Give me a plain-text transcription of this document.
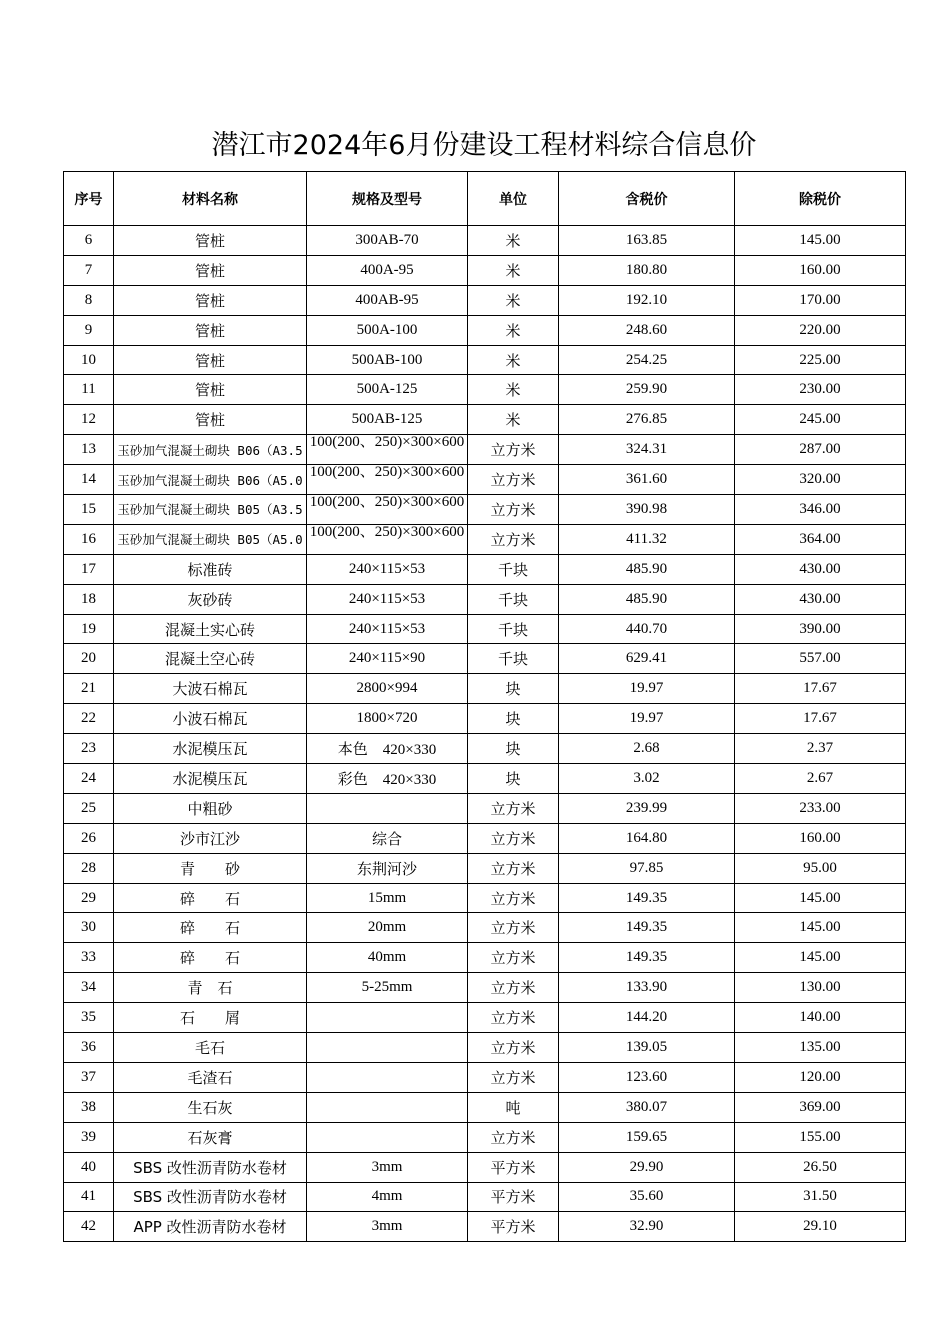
潜江市2024年6月份建设工程材料综合信息价
序号	材料名称	规格及型号	单位	含税价	除税价
6	管桩	300AB-70	米	163.85	145.00
7	管桩	400A-95	米	180.80	160.00
8	管桩	400AB-95	米	192.10	170.00
9	管桩	500A-100	米	248.60	220.00
10	管桩	500AB-100	米	254.25	225.00
11	管桩	500A-125	米	259.90	230.00
12	管桩	500AB-125	米	276.85	245.00
13	玉砂加气混凝土砌块 B06（A3.5	100(200、250)×300×600	立方米	324.31	287.00
14	玉砂加气混凝土砌块 B06（A5.0	100(200、250)×300×600	立方米	361.60	320.00
15	玉砂加气混凝土砌块 B05（A3.5	100(200、250)×300×600	立方米	390.98	346.00
16	玉砂加气混凝土砌块 B05（A5.0	100(200、250)×300×600	立方米	411.32	364.00
17	标准砖	240×115×53	千块	485.90	430.00
18	灰砂砖	240×115×53	千块	485.90	430.00
19	混凝土实心砖	240×115×53	千块	440.70	390.00
20	混凝土空心砖	240×115×90	千块	629.41	557.00
21	大波石棉瓦	2800×994	块	19.97	17.67
22	小波石棉瓦	1800×720	块	19.97	17.67
23	水泥模压瓦	本色　420×330	块	2.68	2.37
24	水泥模压瓦	彩色　420×330	块	3.02	2.67
25	中粗砂		立方米	239.99	233.00
26	沙市江沙	综合	立方米	164.80	160.00
28	青　　砂	东荆河沙	立方米	97.85	95.00
29	碎　　石	15mm	立方米	149.35	145.00
30	碎　　石	20mm	立方米	149.35	145.00
33	碎　　石	40mm	立方米	149.35	145.00
34	青　石	5-25mm	立方米	133.90	130.00
35	石　　屑		立方米	144.20	140.00
36	毛石		立方米	139.05	135.00
37	毛渣石		立方米	123.60	120.00
38	生石灰		吨	380.07	369.00
39	石灰膏		立方米	159.65	155.00
40	SBS 改性沥青防水卷材	3mm	平方米	29.90	26.50
41	SBS 改性沥青防水卷材	4mm	平方米	35.60	31.50
42	APP 改性沥青防水卷材	3mm	平方米	32.90	29.10
